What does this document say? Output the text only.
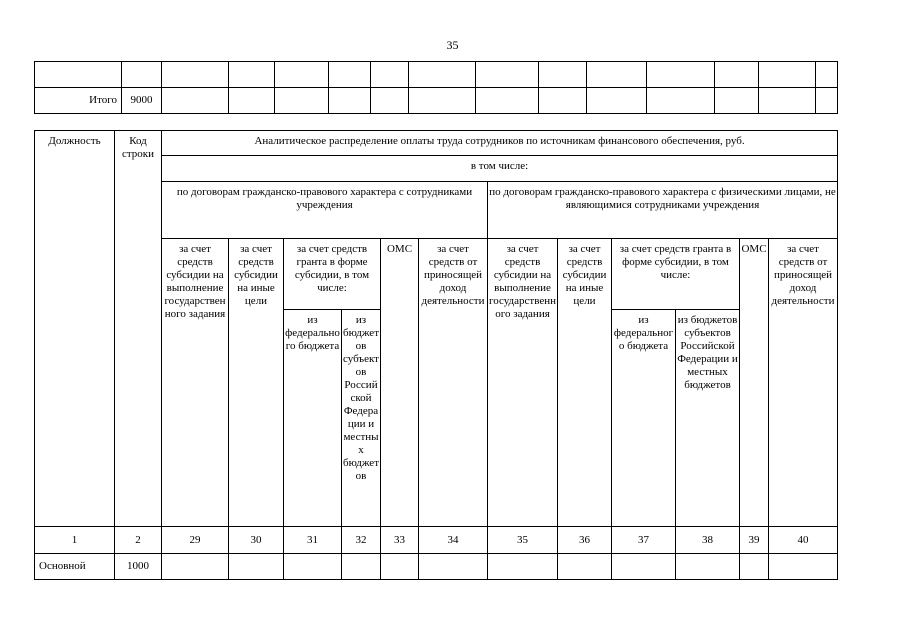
35

Итого	9000													
Должность	Код строки	Аналитическое распределение оплаты труда сотрудников по источникам финансового обеспечения, руб.											
		в том числе:											
		по договорам гражданско-правового характера с сотрудниками учреждения						по договорам гражданско-правового характера с физическими лицами, не являющимися сотрудниками учреждения					
		за счет средств субсидии на выполнение государственного задания	за счет средств субсидии на иные цели	за счет средств гранта в форме субсидии, в том числе:		ОМС	за счет средств от приносящей доход деятельности	за счет средств субсидии на выполнение государственного задания	за счет средств субсидии на иные цели	за счет средств гранта в форме субсидии, в том числе:		ОМС	за счет средств от приносящей доход деятельности
				из федерального бюджета	из бюджетов субъектов Российской Федерации и местных бюджетов					из федерального бюджета	из бюджетов субъектов Российской Федерации и местных бюджетов		
1	2	29	30	31	32	33	34	35	36	37	38	39	40
Основной	1000												
